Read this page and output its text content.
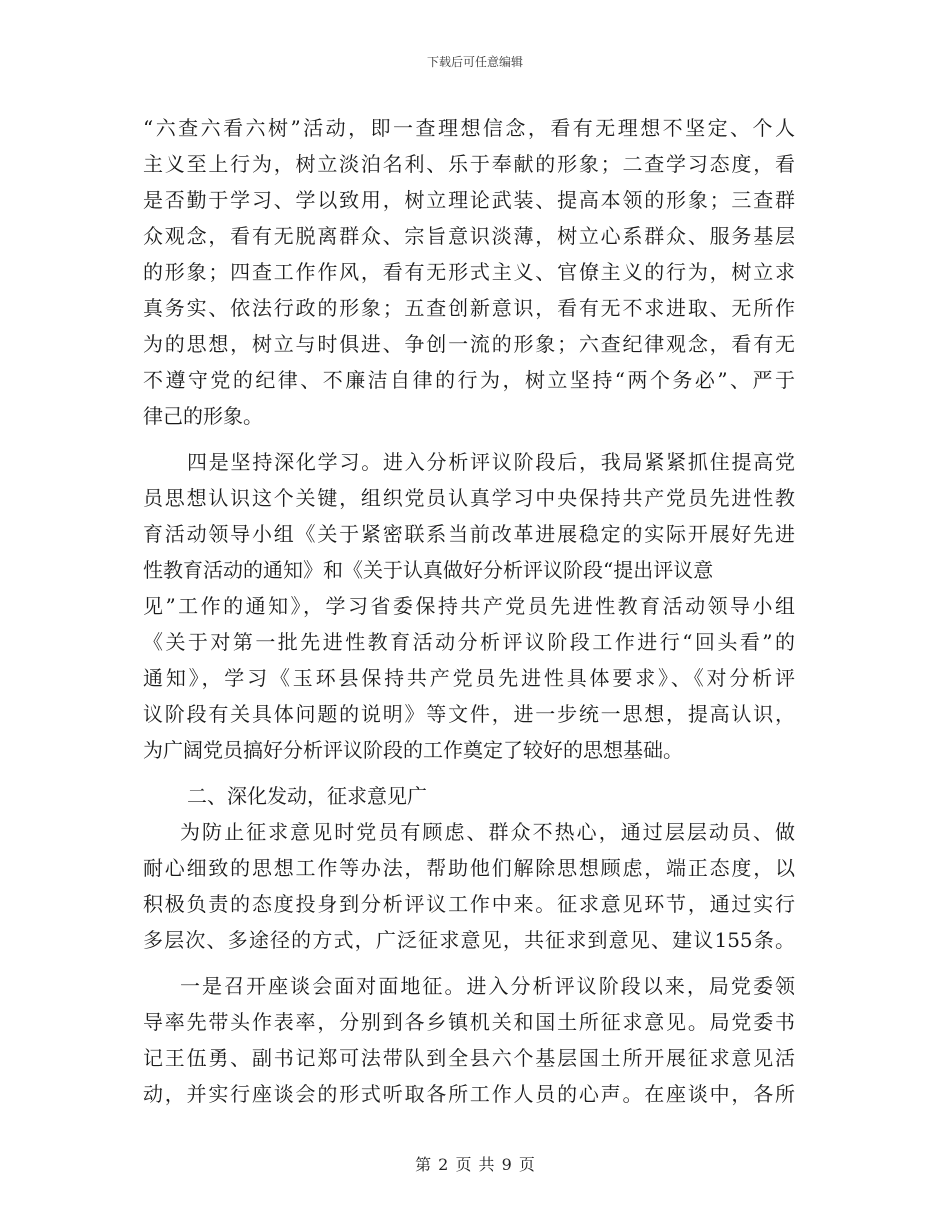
下载后可任意编辑
“六查六看六树”活动，即一查理想信念，看有无理想不坚定、个人
主义至上行为，树立淡泊名利、乐于奉献的形象；二查学习态度，看
是否勤于学习、学以致用，树立理论武装、提高本领的形象；三查群
众观念，看有无脱离群众、宗旨意识淡薄，树立心系群众、服务基层
的形象；四查工作作风，看有无形式主义、官僚主义的行为，树立求
真务实、依法行政的形象；五查创新意识，看有无不求进取、无所作
为的思想，树立与时俱进、争创一流的形象；六查纪律观念，看有无
不遵守党的纪律、不廉洁自律的行为，树立坚持“两个务必”、严于
律己的形象。
四是坚持深化学习。进入分析评议阶段后，我局紧紧抓住提高党
员思想认识这个关键，组织党员认真学习中央保持共产党员先进性教
育活动领导小组《关于紧密联系当前改革进展稳定的实际开展好先进
性教育活动的通知》和《关于认真做好分析评议阶段“提出评议意
见”工作的通知》，学习省委保持共产党员先进性教育活动领导小组
《关于对第一批先进性教育活动分析评议阶段工作进行“回头看”的
通知》，学习《玉环县保持共产党员先进性具体要求》、《对分析评
议阶段有关具体问题的说明》等文件，进一步统一思想，提高认识，
为广阔党员搞好分析评议阶段的工作奠定了较好的思想基础。
二、深化发动，征求意见广
为防止征求意见时党员有顾虑、群众不热心，通过层层动员、做
耐心细致的思想工作等办法，帮助他们解除思想顾虑，端正态度，以
积极负责的态度投身到分析评议工作中来。征求意见环节，通过实行
多层次、多途径的方式，广泛征求意见，共征求到意见、建议155条。
一是召开座谈会面对面地征。进入分析评议阶段以来，局党委领
导率先带头作表率，分别到各乡镇机关和国土所征求意见。局党委书
记王伍勇、副书记郑可法带队到全县六个基层国土所开展征求意见活
动，并实行座谈会的形式听取各所工作人员的心声。在座谈中，各所
第 2 页 共 9 页
